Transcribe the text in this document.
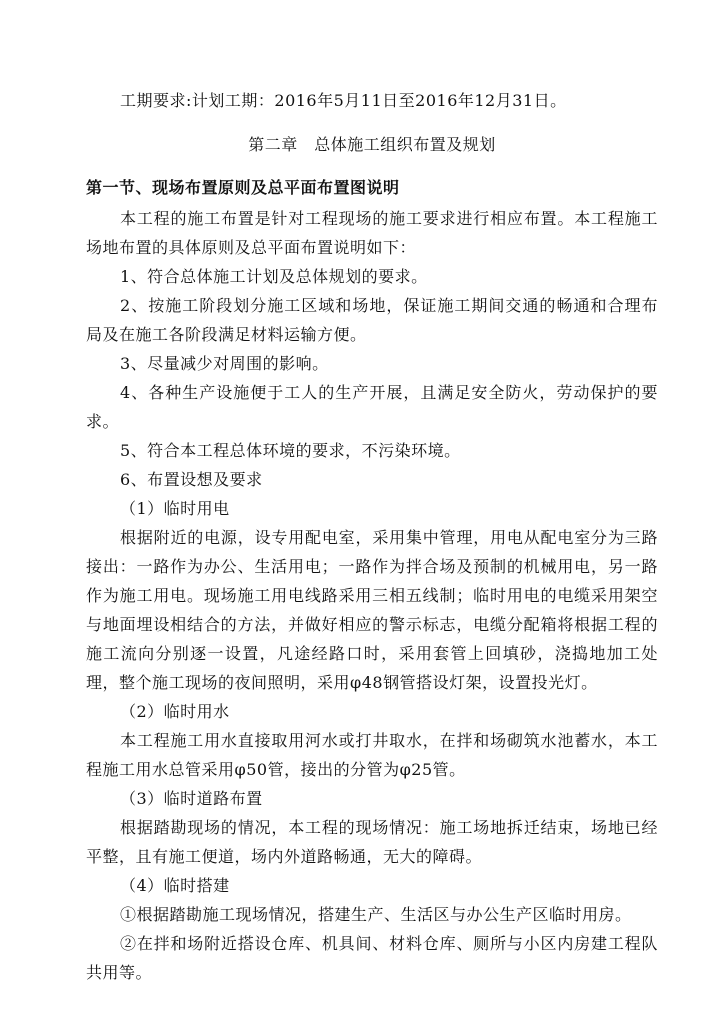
工期要求:计划工期：2016年5月11日至2016年12月31日。

第二章　总体施工组织布置及规划

第一节、现场布置原则及总平面布置图说明

本工程的施工布置是针对工程现场的施工要求进行相应布置。本工程施工场地布置的具体原则及总平面布置说明如下：

1、符合总体施工计划及总体规划的要求。

2、按施工阶段划分施工区域和场地，保证施工期间交通的畅通和合理布局及在施工各阶段满足材料运输方便。

3、尽量减少对周围的影响。

4、各种生产设施便于工人的生产开展，且满足安全防火，劳动保护的要求。

5、符合本工程总体环境的要求，不污染环境。

6、布置设想及要求

（1）临时用电

根据附近的电源，设专用配电室，采用集中管理，用电从配电室分为三路接出：一路作为办公、生活用电；一路作为拌合场及预制的机械用电，另一路作为施工用电。现场施工用电线路采用三相五线制；临时用电的电缆采用架空与地面埋设相结合的方法，并做好相应的警示标志，电缆分配箱将根据工程的施工流向分别逐一设置，凡途经路口时，采用套管上回填砂，浇捣地加工处理，整个施工现场的夜间照明，采用φ48钢管搭设灯架，设置投光灯。

（2）临时用水

本工程施工用水直接取用河水或打井取水，在拌和场砌筑水池蓄水，本工程施工用水总管采用φ50管，接出的分管为φ25管。

（3）临时道路布置

根据踏勘现场的情况，本工程的现场情况：施工场地拆迁结束，场地已经平整，且有施工便道，场内外道路畅通，无大的障碍。

（4）临时搭建

①根据踏勘施工现场情况，搭建生产、生活区与办公生产区临时用房。

②在拌和场附近搭设仓库、机具间、材料仓库、厕所与小区内房建工程队共用等。
